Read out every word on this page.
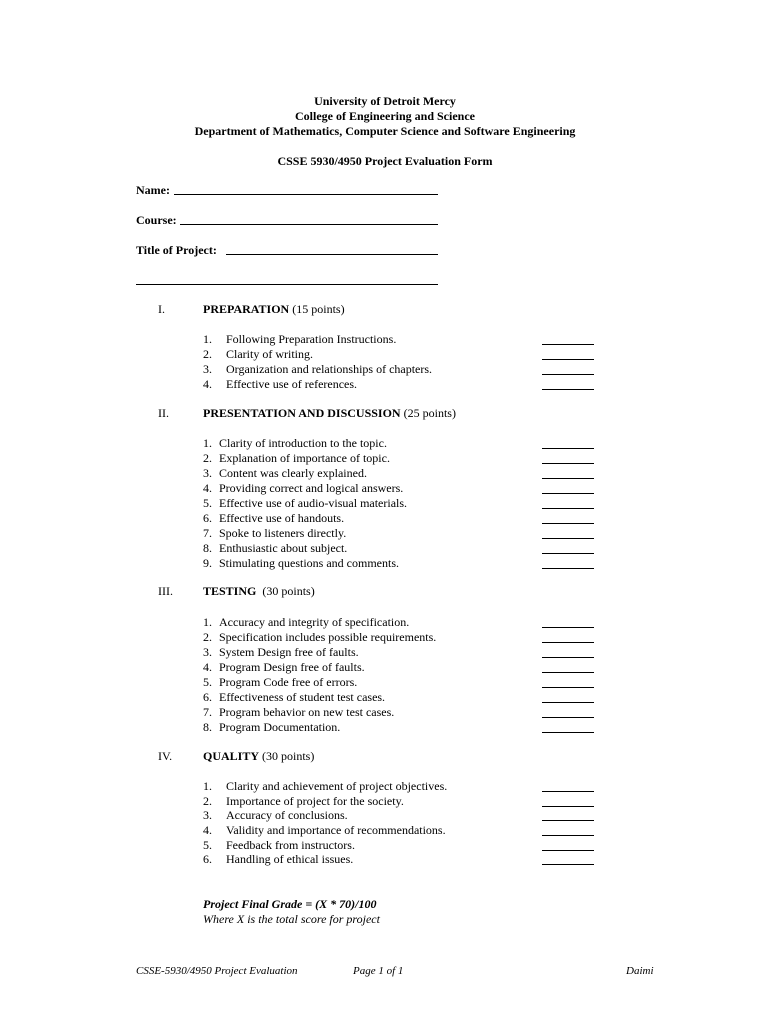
University of Detroit Mercy
College of Engineering and Science
Department of Mathematics, Computer Science and Software Engineering
CSSE 5930/4950 Project Evaluation Form
Name:
Course:
Title of Project:
I.	PREPARATION (15 points)
1. Following Preparation Instructions.
2. Clarity of writing.
3. Organization and relationships of chapters.
4. Effective use of references.
II.	PRESENTATION AND DISCUSSION (25 points)
1. Clarity of introduction to the topic.
2. Explanation of importance of topic.
3. Content was clearly explained.
4. Providing correct and logical answers.
5. Effective use of audio-visual materials.
6. Effective use of handouts.
7. Spoke to listeners directly.
8. Enthusiastic about subject.
9. Stimulating questions and comments.
III.	TESTING (30 points)
1. Accuracy and integrity of specification.
2. Specification includes possible requirements.
3. System Design free of faults.
4. Program Design free of faults.
5. Program Code free of errors.
6. Effectiveness of student test cases.
7. Program behavior on new test cases.
8. Program Documentation.
IV.	QUALITY (30 points)
1. Clarity and achievement of project objectives.
2. Importance of project for the society.
3. Accuracy of conclusions.
4. Validity and importance of recommendations.
5. Feedback from instructors.
6. Handling of ethical issues.
Project Final Grade = (X * 70)/100
Where X is the total score for project
CSSE-5930/4950 Project Evaluation	Page 1 of 1	Daimi
